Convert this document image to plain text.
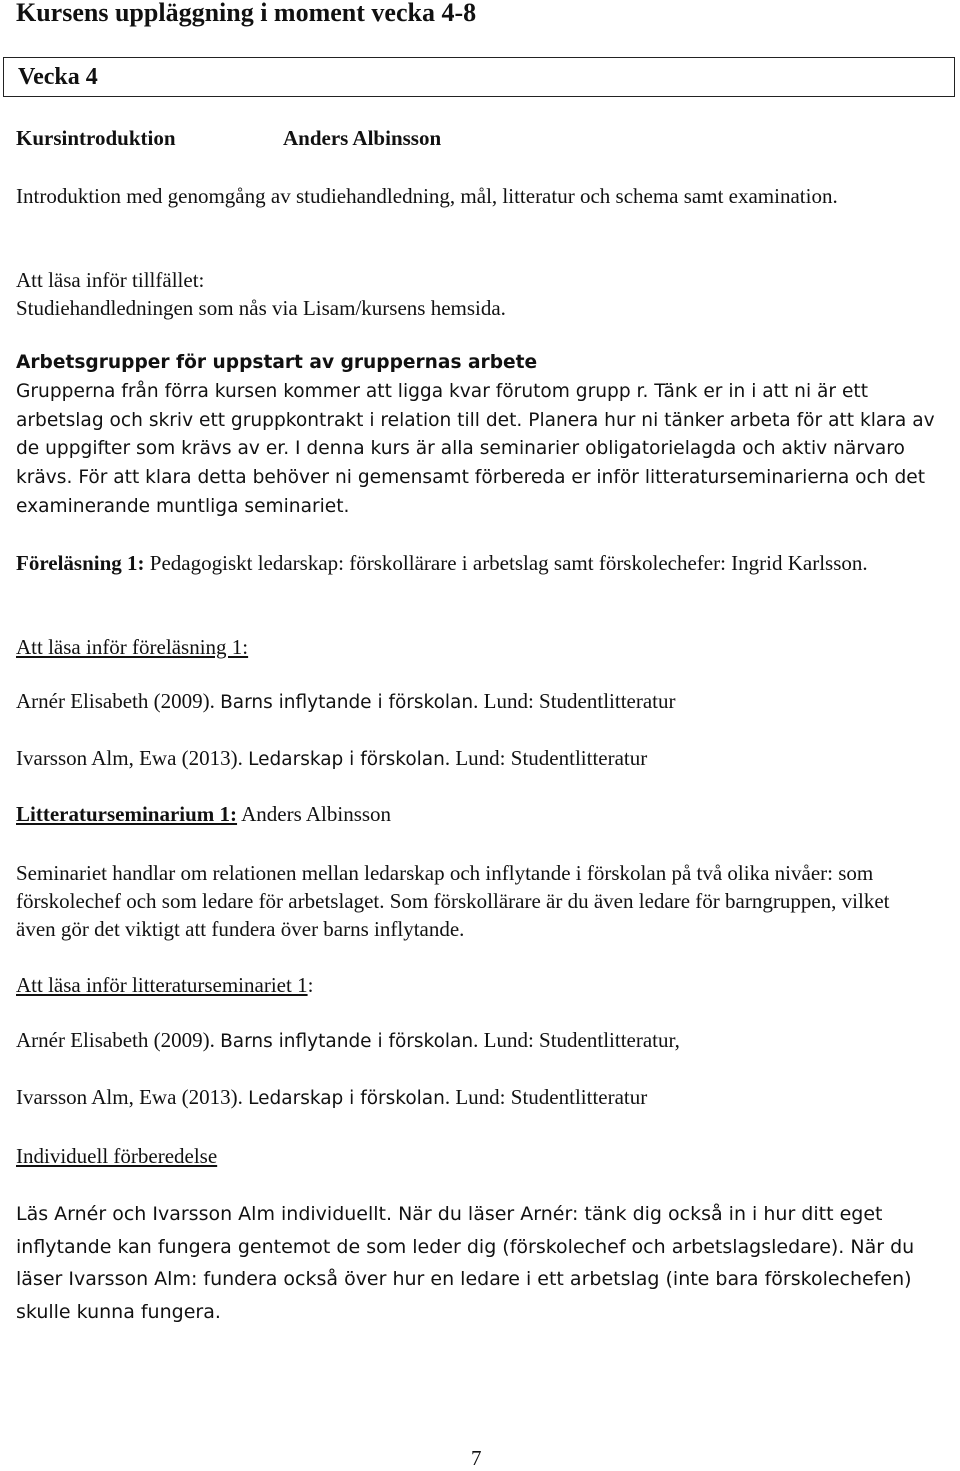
Kursens uppläggning i moment vecka 4-8
Vecka 4
Kursintroduktion	Anders Albinsson
Introduktion med genomgång av studiehandledning, mål, litteratur och schema samt examination.
Att läsa inför tillfället:
Studiehandledningen som nås via Lisam/kursens hemsida.
Arbetsgrupper för uppstart av gruppernas arbete
Grupperna från förra kursen kommer att ligga kvar förutom grupp r. Tänk er in i att ni är ett arbetslag och skriv ett gruppkontrakt i relation till det. Planera hur ni tänker arbeta för att klara av de uppgifter som krävs av er. I denna kurs är alla seminarier obligatorielagda och aktiv närvaro krävs. För att klara detta behöver ni gemensamt förbereda er inför litteraturseminarierna och det examinerande muntliga seminariet.
Föreläsning 1: Pedagogiskt ledarskap: förskollärare i arbetslag samt förskolechefer: Ingrid Karlsson.
Att läsa inför föreläsning 1:
Arnér Elisabeth (2009). Barns inflytande i förskolan. Lund: Studentlitteratur
Ivarsson Alm, Ewa (2013). Ledarskap i förskolan. Lund: Studentlitteratur
Litteraturseminarium 1: Anders Albinsson
Seminariet handlar om relationen mellan ledarskap och inflytande i förskolan på två olika nivåer: som förskolechef och som ledare för arbetslaget. Som förskollärare är du även ledare för barngruppen, vilket även gör det viktigt att fundera över barns inflytande.
Att läsa inför litteraturseminariet 1:
Arnér Elisabeth (2009). Barns inflytande i förskolan. Lund: Studentlitteratur,
Ivarsson Alm, Ewa (2013). Ledarskap i förskolan. Lund: Studentlitteratur
Individuell förberedelse
Läs Arnér och Ivarsson Alm individuellt. När du läser Arnér: tänk dig också in i hur ditt eget inflytande kan fungera gentemot de som leder dig (förskolechef och arbetslagsledare). När du läser Ivarsson Alm: fundera också över hur en ledare i ett arbetslag (inte bara förskolechefen) skulle kunna fungera.
7
